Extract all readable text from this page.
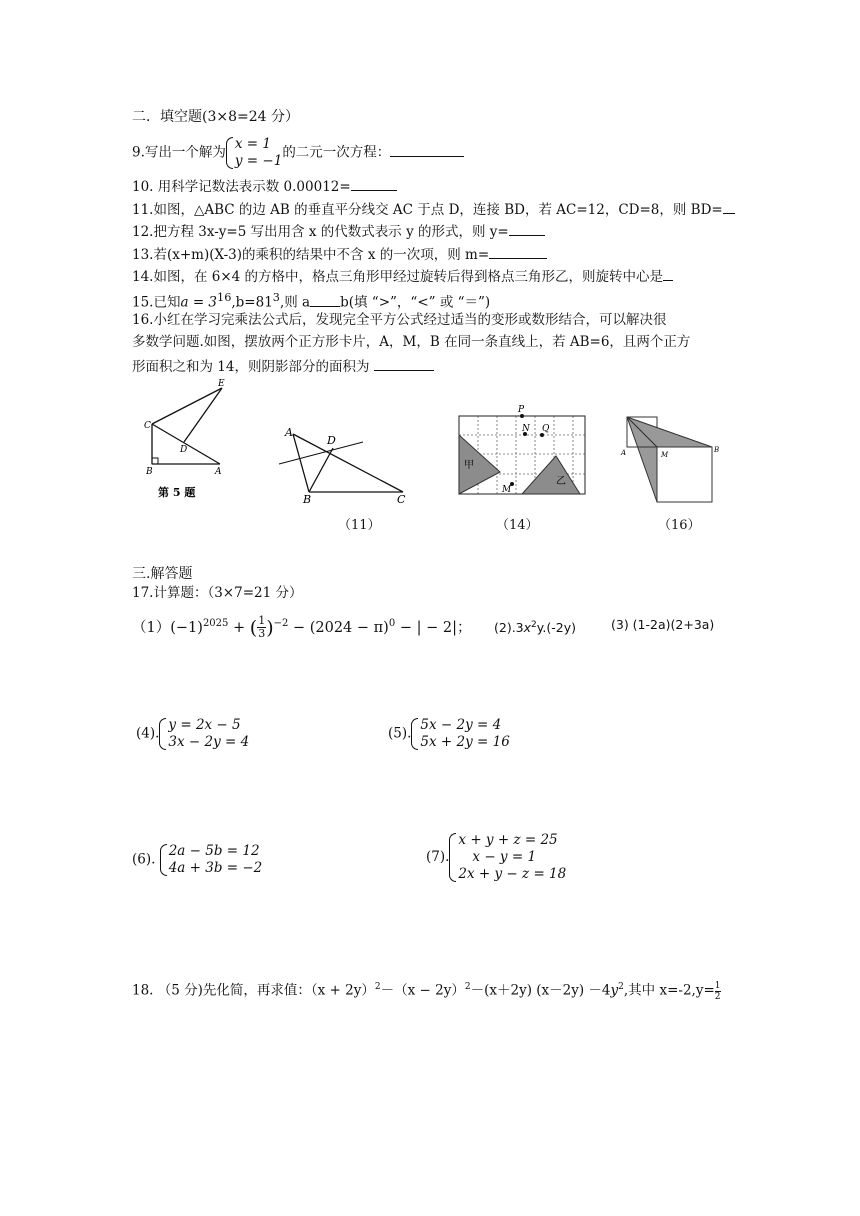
二．填空题(3×8=24 分）
9.写出一个解为
x = 1
y = −1
的二元一次方程：
10. 用科学记数法表示数 0.00012=
11.如图，△ABC 的边 AB 的垂直平分线交 AC 于点 D，连接 BD，若 AC=12，CD=8，则 BD=
12.把方程 3x-y=5 写出用含 x 的代数式表示 y 的形式，则 y=
13.若(x+m)(X-3)的乘积的结果中不含 x 的一次项，则 m=
14.如图，在 6×4 的方格中，格点三角形甲经过旋转后得到格点三角形乙，则旋转中心是
15.已知$a = 3^{16},b=81^3$,则 a b(填 “>”，“<” 或 “＝”)
16.小红在学习完乘法公式后，发现完全平方公式经过适当的变形或数形结合，可以解决很
多数学问题.如图，摆放两个正方形卡片，A，M，B 在同一条直线上，若 AB=6，且两个正方
形面积之和为 14，则阴影部分的面积为
E
C
D
B	A
第 5 题
A
D
B	C
（11）
P
N Q
M
甲
乙
（14）
A	M
B
（16）
三.解答题
17.计算题：（3×7=21 分）
$(1)(-1)^{2025}$ + ( $\frac{1}{3} )^{-2} - (2024 - \pi)^0$ − | − 2|； $(2).3x^2y.(-2y)$	(3) (1-2a)(2+3a)
(4).
y = 2x − 5
3x − 2y = 4
(5).
5x − 2y = 4
5x + 2y = 16
(6).
2a − 5b = 12
4a + 3b = −2
(7).
x + y + z = 25
x − y = 1
2x + y − z = 18
18. （5 分)先化简，再求值：$(x + 2y)^2-(x - 2y)^2-(x+2y)$ $(x-2y) -4y^2$,其中 $x=-2,y= \frac{1}{2}$
